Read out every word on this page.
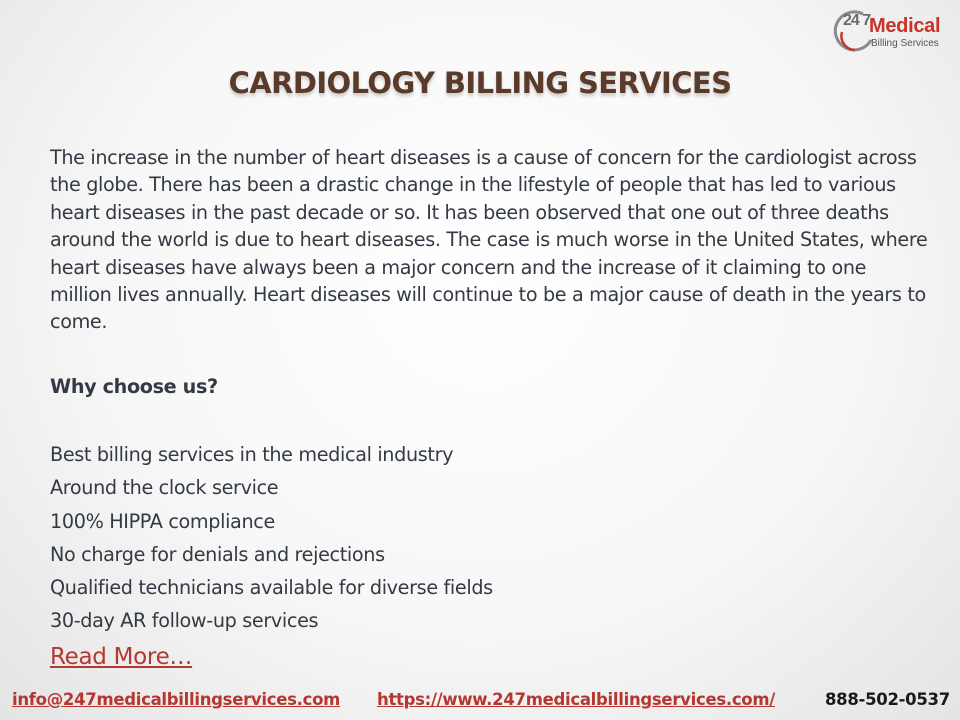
24 7
Medical
Billing Services
CARDIOLOGY BILLING SERVICES

The increase in the number of heart diseases is a cause of concern for the cardiologist across the globe. There has been a drastic change in the lifestyle of people that has led to various heart diseases in the past decade or so. It has been observed that one out of three deaths around the world is due to heart diseases. The case is much worse in the United States, where heart diseases have always been a major concern and the increase of it claiming to one million lives annually. Heart diseases will continue to be a major cause of death in the years to come.

Why choose us?

Best billing services in the medical industry
Around the clock service
100% HIPPA compliance
No charge for denials and rejections
Qualified technicians available for diverse fields
30-day AR follow-up services
Read More…
info@247medicalbillingservices.com https://www.247medicalbillingservices.com/	888-502-0537
